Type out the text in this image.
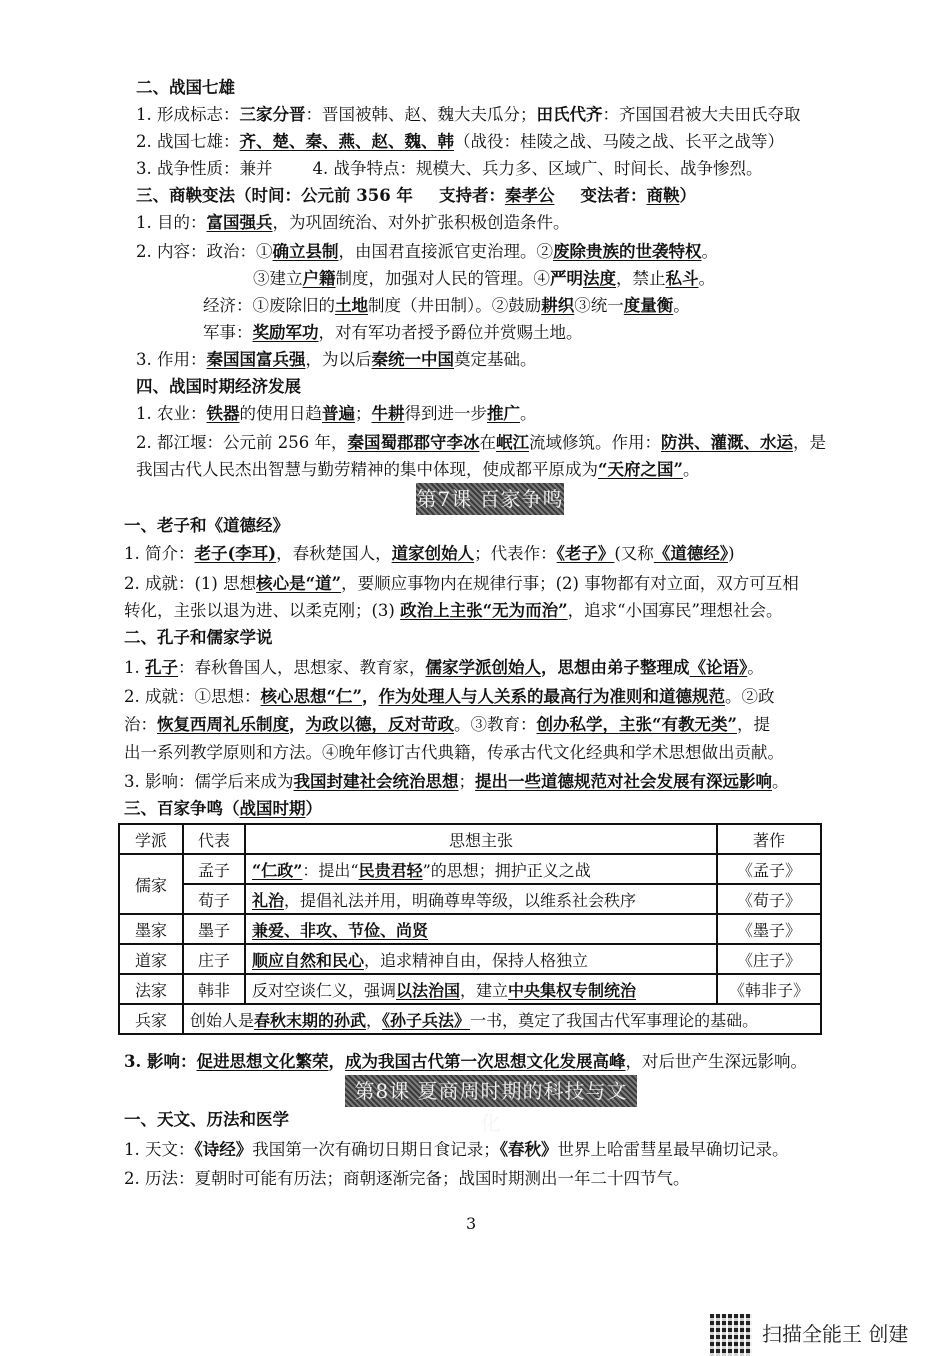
二、战国七雄
1. 形成标志：三家分晋：晋国被韩、赵、魏大夫瓜分；田氏代齐：齐国国君被大夫田氏夺取
2. 战国七雄：齐、楚、秦、燕、赵、魏、韩（战役：桂陵之战、马陵之战、长平之战等）
3. 战争性质：兼并 4. 战争特点：规模大、兵力多、区域广、时间长、战争惨烈。
三、商鞅变法（时间：公元前 356 年 支持者：秦孝公 变法者：商鞅）
1. 目的：富国强兵，为巩固统治、对外扩张积极创造条件。
2. 内容：政治：①确立县制，由国君直接派官吏治理。②废除贵族的世袭特权。
③建立户籍制度，加强对人民的管理。④严明法度，禁止私斗。
经济：①废除旧的土地制度（井田制）。②鼓励耕织③统一度量衡。
军事：奖励军功，对有军功者授予爵位并赏赐土地。
3. 作用：秦国国富兵强，为以后秦统一中国奠定基础。
四、战国时期经济发展
1. 农业：铁器的使用日趋普遍；牛耕得到进一步推广。
2. 都江堰：公元前 256 年，秦国蜀郡郡守李冰在岷江流域修筑。作用：防洪、灌溉、水运，是
我国古代人民杰出智慧与勤劳精神的集中体现，使成都平原成为“天府之国”。
第7课 百家争鸣
一、老子和《道德经》
1. 简介：老子(李耳)，春秋楚国人，道家创始人；代表作：《老子》(又称《道德经》)
2. 成就：(1) 思想核心是“道”，要顺应事物内在规律行事；(2) 事物都有对立面，双方可互相
转化，主张以退为进、以柔克刚；(3) 政治上主张“无为而治”，追求“小国寡民”理想社会。
二、孔子和儒家学说
1. 孔子：春秋鲁国人，思想家、教育家，儒家学派创始人，思想由弟子整理成《论语》。
2. 成就：①思想：核心思想“仁”，作为处理人与人关系的最高行为准则和道德规范。②政
治：恢复西周礼乐制度，为政以德，反对苛政。③教育：创办私学，主张“有教无类”，提
出一系列教学原则和方法。④晚年修订古代典籍，传承古代文化经典和学术思想做出贡献。
3. 影响：儒学后来成为我国封建社会统治思想；提出一些道德规范对社会发展有深远影响。
三、百家争鸣（战国时期）
学派	代表	思想主张	著作
儒家	孟子	“仁政”：提出“民贵君轻”的思想；拥护正义之战	《孟子》
	荀子	礼治，提倡礼法并用，明确尊卑等级，以维系社会秩序	《荀子》
墨家	墨子	兼爱、非攻、节俭、尚贤	《墨子》
道家	庄子	顺应自然和民心，追求精神自由，保持人格独立	《庄子》
法家	韩非	反对空谈仁义，强调以法治国，建立中央集权专制统治	《韩非子》
兵家	创始人是春秋末期的孙武，《孙子兵法》一书，奠定了我国古代军事理论的基础。		
3. 影响：促进思想文化繁荣，成为我国古代第一次思想文化发展高峰，对后世产生深远影响。
第8课 夏商周时期的科技与文化
一、天文、历法和医学
1. 天文：《诗经》我国第一次有确切日期日食记录；《春秋》世界上哈雷彗星最早确切记录。
2. 历法：夏朝时可能有历法；商朝逐渐完备；战国时期测出一年二十四节气。
3
扫描全能王 创建
